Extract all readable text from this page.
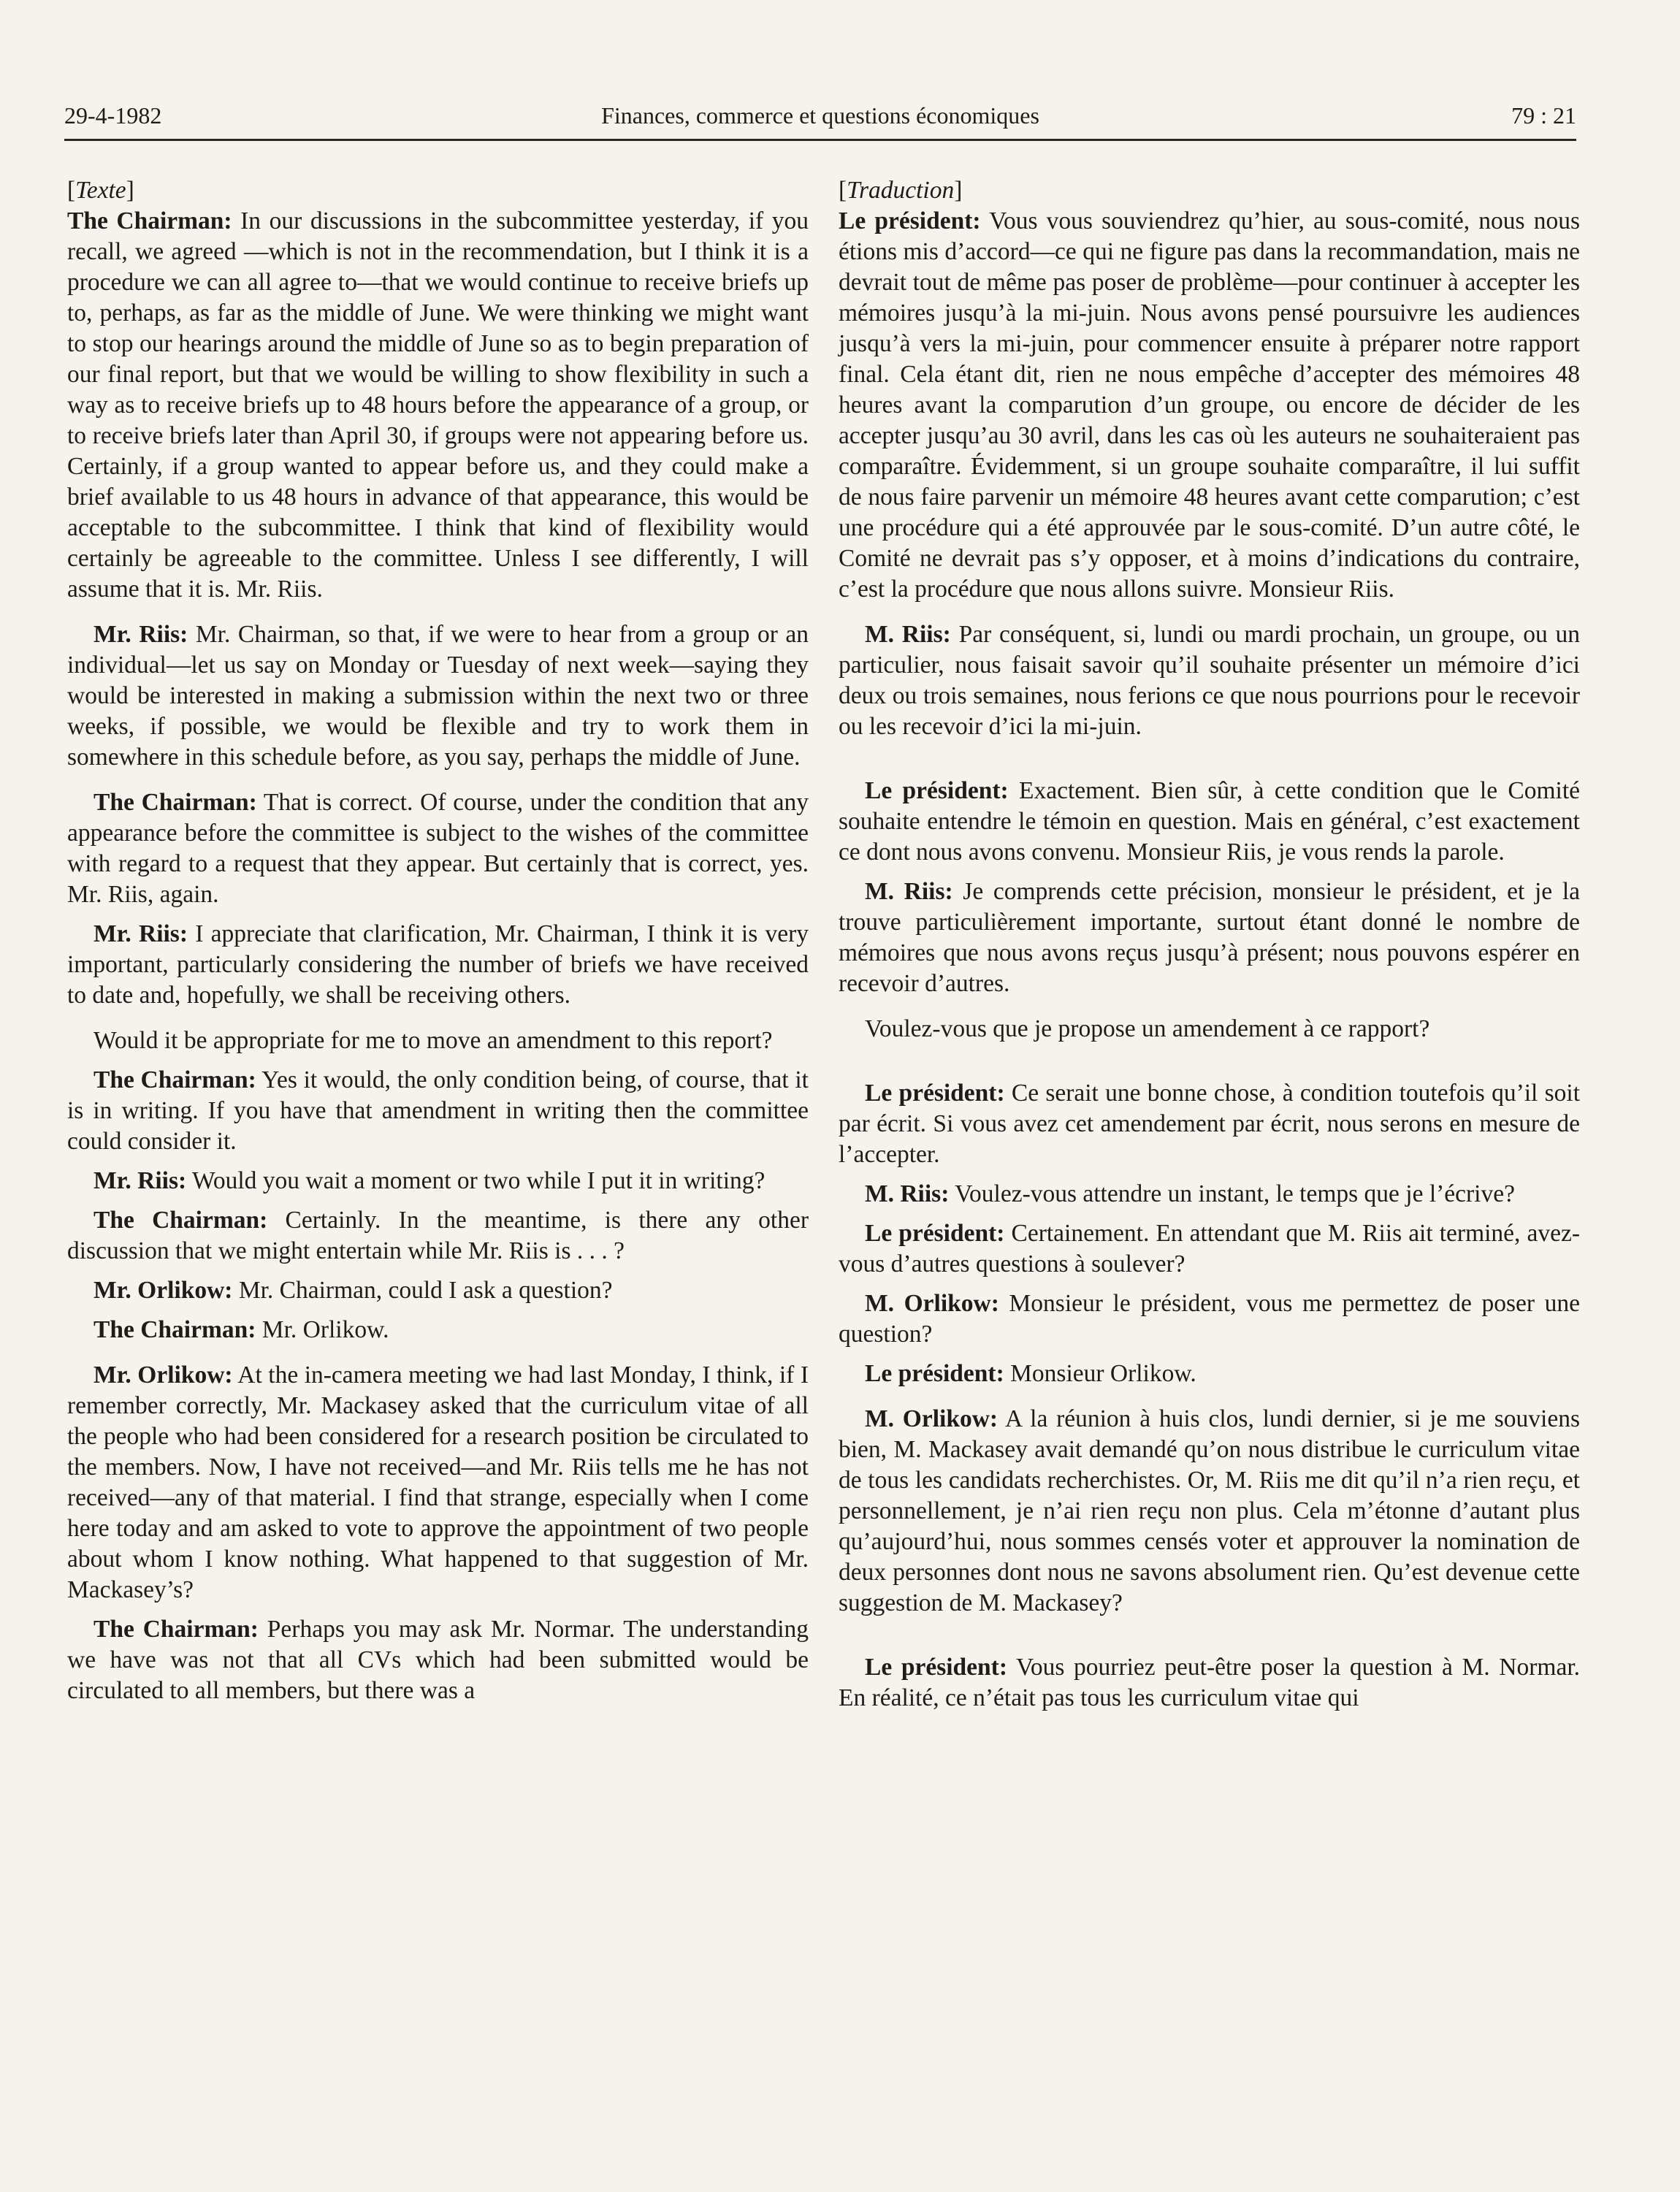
29-4-1982	Finances, commerce et questions économiques	79 : 21
[Texte]

The Chairman: In our discussions in the subcommittee yesterday, if you recall, we agreed —which is not in the recommendation, but I think it is a procedure we can all agree to—that we would continue to receive briefs up to, perhaps, as far as the middle of June. We were thinking we might want to stop our hearings around the middle of June so as to begin preparation of our final report, but that we would be willing to show flexibility in such a way as to receive briefs up to 48 hours before the appearance of a group, or to receive briefs later than April 30, if groups were not appearing before us. Certainly, if a group wanted to appear before us, and they could make a brief available to us 48 hours in advance of that appearance, this would be acceptable to the subcommittee. I think that kind of flexibility would certainly be agreeable to the committee. Unless I see differently, I will assume that it is. Mr. Riis.

Mr. Riis: Mr. Chairman, so that, if we were to hear from a group or an individual—let us say on Monday or Tuesday of next week—saying they would be interested in making a submission within the next two or three weeks, if possible, we would be flexible and try to work them in somewhere in this schedule before, as you say, perhaps the middle of June.

The Chairman: That is correct. Of course, under the condition that any appearance before the committee is subject to the wishes of the committee with regard to a request that they appear. But certainly that is correct, yes. Mr. Riis, again.

Mr. Riis: I appreciate that clarification, Mr. Chairman, I think it is very important, particularly considering the number of briefs we have received to date and, hopefully, we shall be receiving others.

Would it be appropriate for me to move an amendment to this report?

The Chairman: Yes it would, the only condition being, of course, that it is in writing. If you have that amendment in writing then the committee could consider it.

Mr. Riis: Would you wait a moment or two while I put it in writing?

The Chairman: Certainly. In the meantime, is there any other discussion that we might entertain while Mr. Riis is . . . ?

Mr. Orlikow: Mr. Chairman, could I ask a question?

The Chairman: Mr. Orlikow.

Mr. Orlikow: At the in-camera meeting we had last Monday, I think, if I remember correctly, Mr. Mackasey asked that the curriculum vitae of all the people who had been considered for a research position be circulated to the members. Now, I have not received—and Mr. Riis tells me he has not received—any of that material. I find that strange, especially when I come here today and am asked to vote to approve the appointment of two people about whom I know nothing. What happened to that suggestion of Mr. Mackasey’s?

The Chairman: Perhaps you may ask Mr. Normar. The understanding we have was not that all CVs which had been submitted would be circulated to all members, but there was a

[Traduction]

Le président: Vous vous souviendrez qu’hier, au sous-comité, nous nous étions mis d’accord—ce qui ne figure pas dans la recommandation, mais ne devrait tout de même pas poser de problème—pour continuer à accepter les mémoires jusqu’à la mi-juin. Nous avons pensé poursuivre les audiences jusqu’à vers la mi-juin, pour commencer ensuite à préparer notre rapport final. Cela étant dit, rien ne nous empêche d’accepter des mémoires 48 heures avant la comparution d’un groupe, ou encore de décider de les accepter jusqu’au 30 avril, dans les cas où les auteurs ne souhaiteraient pas comparaître. Évidemment, si un groupe souhaite comparaître, il lui suffit de nous faire parvenir un mémoire 48 heures avant cette comparution; c’est une procédure qui a été approuvée par le sous-comité. D’un autre côté, le Comité ne devrait pas s’y opposer, et à moins d’indications du contraire, c’est la procédure que nous allons suivre. Monsieur Riis.

M. Riis: Par conséquent, si, lundi ou mardi prochain, un groupe, ou un particulier, nous faisait savoir qu’il souhaite présenter un mémoire d’ici deux ou trois semaines, nous ferions ce que nous pourrions pour le recevoir ou les recevoir d’ici la mi-juin.

Le président: Exactement. Bien sûr, à cette condition que le Comité souhaite entendre le témoin en question. Mais en général, c’est exactement ce dont nous avons convenu. Monsieur Riis, je vous rends la parole.

M. Riis: Je comprends cette précision, monsieur le président, et je la trouve particulièrement importante, surtout étant donné le nombre de mémoires que nous avons reçus jusqu’à présent; nous pouvons espérer en recevoir d’autres.

Voulez-vous que je propose un amendement à ce rapport?

Le président: Ce serait une bonne chose, à condition toutefois qu’il soit par écrit. Si vous avez cet amendement par écrit, nous serons en mesure de l’accepter.

M. Riis: Voulez-vous attendre un instant, le temps que je l’écrive?

Le président: Certainement. En attendant que M. Riis ait terminé, avez-vous d’autres questions à soulever?

M. Orlikow: Monsieur le président, vous me permettez de poser une question?

Le président: Monsieur Orlikow.

M. Orlikow: A la réunion à huis clos, lundi dernier, si je me souviens bien, M. Mackasey avait demandé qu’on nous distribue le curriculum vitae de tous les candidats recherchistes. Or, M. Riis me dit qu’il n’a rien reçu, et personnellement, je n’ai rien reçu non plus. Cela m’étonne d’autant plus qu’aujourd’hui, nous sommes censés voter et approuver la nomination de deux personnes dont nous ne savons absolument rien. Qu’est devenue cette suggestion de M. Mackasey?

Le président: Vous pourriez peut-être poser la question à M. Normar. En réalité, ce n’était pas tous les curriculum vitae qui
